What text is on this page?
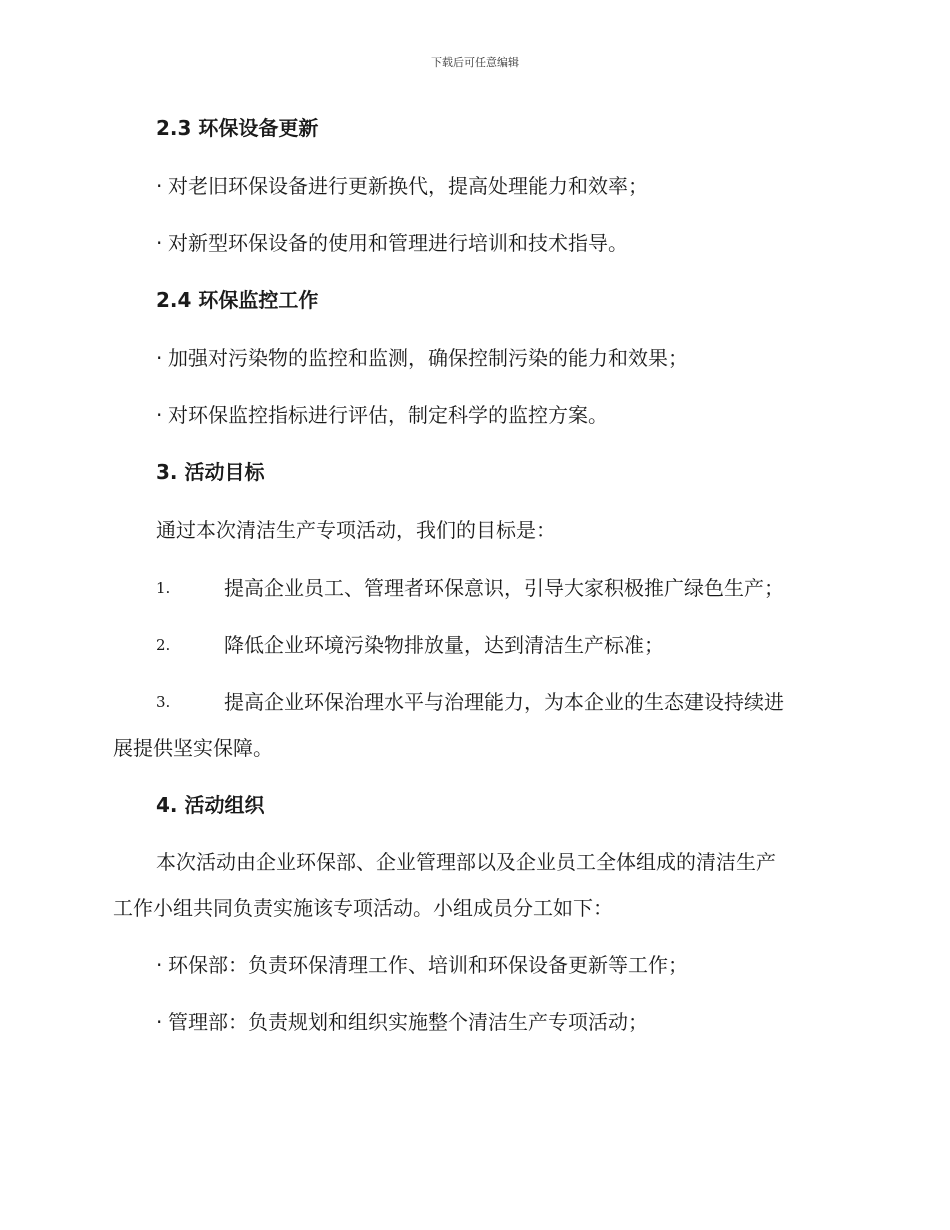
下载后可任意编辑
2.3 环保设备更新
· 对老旧环保设备进行更新换代，提高处理能力和效率；
· 对新型环保设备的使用和管理进行培训和技术指导。
2.4 环保监控工作
· 加强对污染物的监控和监测，确保控制污染的能力和效果；
· 对环保监控指标进行评估，制定科学的监控方案。
3. 活动目标
通过本次清洁生产专项活动，我们的目标是：
1.	提高企业员工、管理者环保意识，引导大家积极推广绿色生产；
2.	降低企业环境污染物排放量，达到清洁生产标准；
3.	提高企业环保治理水平与治理能力，为本企业的生态建设持续进
展提供坚实保障。
4. 活动组织
本次活动由企业环保部、企业管理部以及企业员工全体组成的清洁生产
工作小组共同负责实施该专项活动。小组成员分工如下：
· 环保部：负责环保清理工作、培训和环保设备更新等工作；
· 管理部：负责规划和组织实施整个清洁生产专项活动；
